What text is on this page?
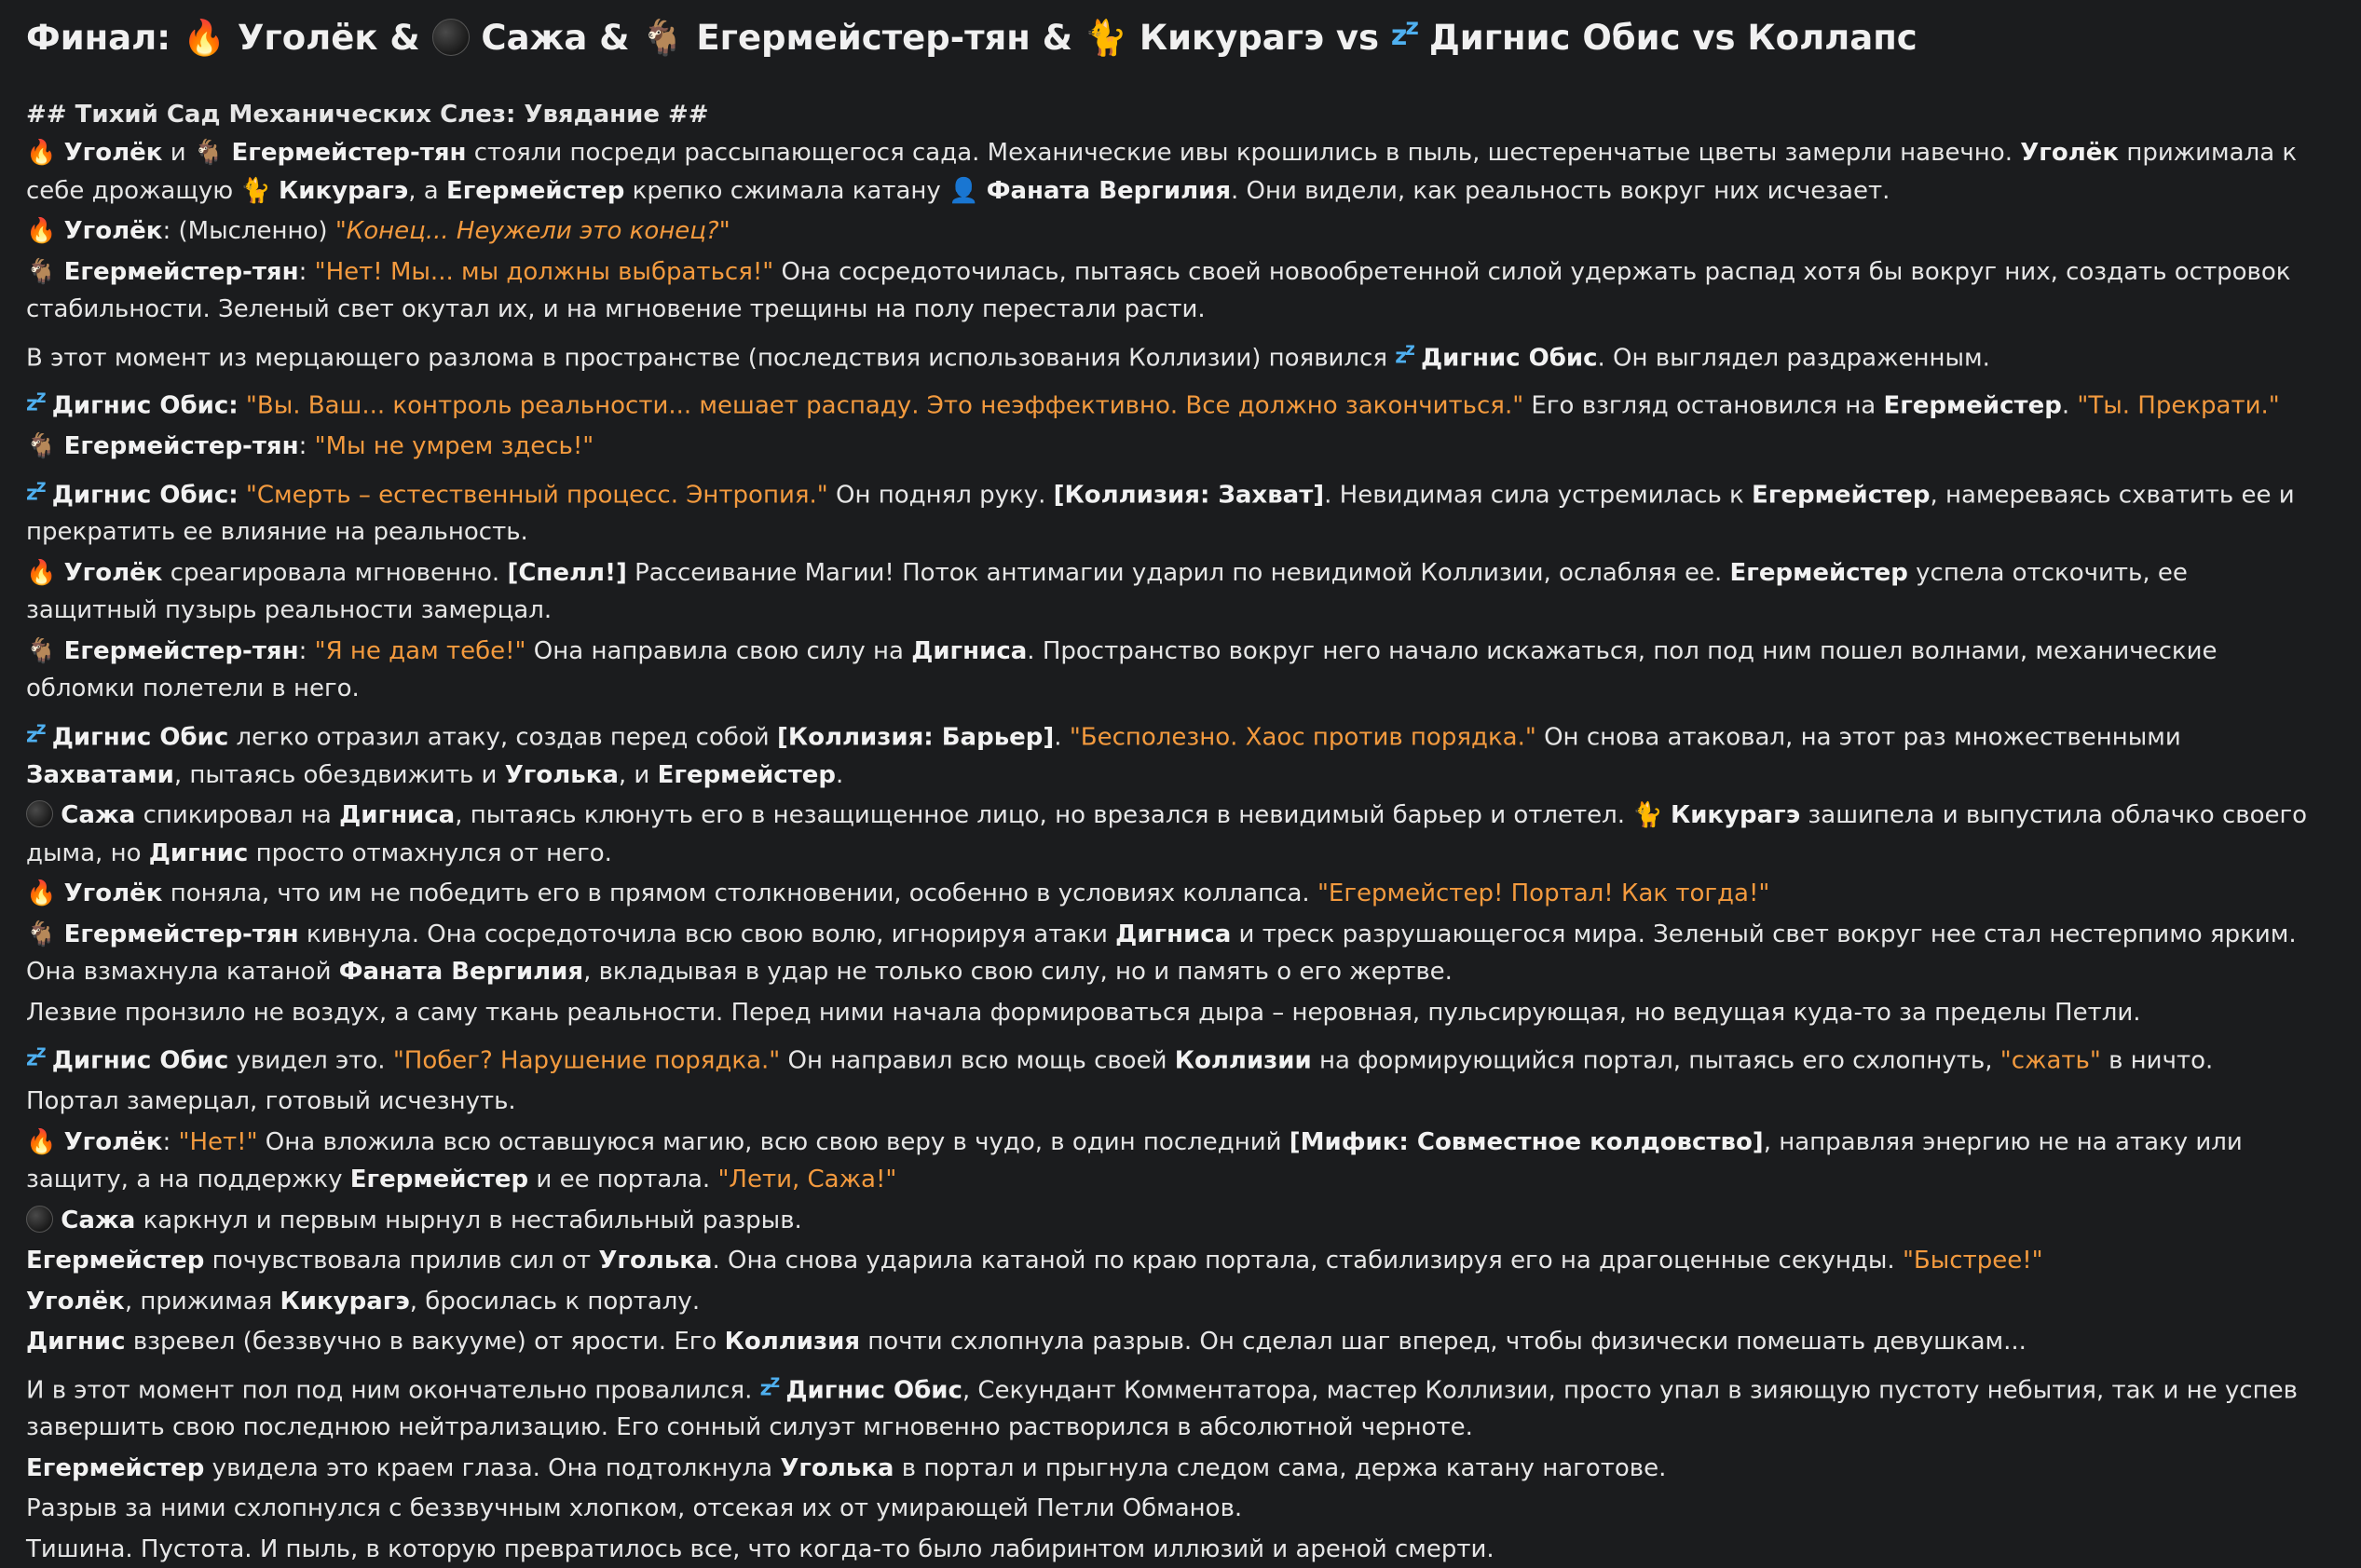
Финал: 🔥 Уголёк & Сажа & 🐐 Егермейстер-тян & 🐈 Кикурагэ vs $z^z$ Дигнис Обис vs Коллапс
## Тихий Сад Механических Слез: Увядание ##
🔥 Уголёк и 🐐 Егермейстер-тян стояли посреди рассыпающегося сада. Механические ивы крошились в пыль, шестеренчатые цветы замерли навечно. Уголёк прижимала к себе дрожащую 🐈 Кикурагэ, а Егермейстер крепко сжимала катану 👤 Фаната Вергилия. Они видели, как реальность вокруг них исчезает.
🔥 Уголёк: (Мысленно) "Конец... Неужели это конец?"
🐐 Егермейстер-тян: "Нет! Мы... мы должны выбраться!" Она сосредоточилась, пытаясь своей новообретенной силой удержать распад хотя бы вокруг них, создать островок стабильности. Зеленый свет окутал их, и на мгновение трещины на полу перестали расти.
В этот момент из мерцающего разлома в пространстве (последствия использования Коллизии) появился $z^z$ Дигнис Обис. Он выглядел раздраженным.
$z^z$ Дигнис Обис: "Вы. Ваш... контроль реальности... мешает распаду. Это неэффективно. Все должно закончиться." Его взгляд остановился на Егермейстер. "Ты. Прекрати."
🐐 Егермейстер-тян: "Мы не умрем здесь!"
$z^z$ Дигнис Обис: "Смерть – естественный процесс. Энтропия." Он поднял руку. [Коллизия: Захват]. Невидимая сила устремилась к Егермейстер, намереваясь схватить ее и прекратить ее влияние на реальность.
🔥 Уголёк среагировала мгновенно. [Спелл!] Рассеивание Магии! Поток антимагии ударил по невидимой Коллизии, ослабляя ее. Егермейстер успела отскочить, ее защитный пузырь реальности замерцал.
🐐 Егермейстер-тян: "Я не дам тебе!" Она направила свою силу на Дигниса. Пространство вокруг него начало искажаться, пол под ним пошел волнами, механические обломки полетели в него.
$z^z$ Дигнис Обис легко отразил атаку, создав перед собой [Коллизия: Барьер]. "Бесполезно. Хаос против порядка." Он снова атаковал, на этот раз множественными Захватами, пытаясь обездвижить и Уголька, и Егермейстер.
Сажа спикировал на Дигниса, пытаясь клюнуть его в незащищенное лицо, но врезался в невидимый барьер и отлетел. 🐈 Кикурагэ зашипела и выпустила облачко своего дыма, но Дигнис просто отмахнулся от него.
🔥 Уголёк поняла, что им не победить его в прямом столкновении, особенно в условиях коллапса. "Егермейстер! Портал! Как тогда!"
🐐 Егермейстер-тян кивнула. Она сосредоточила всю свою волю, игнорируя атаки Дигниса и треск разрушающегося мира. Зеленый свет вокруг нее стал нестерпимо ярким. Она взмахнула катаной Фаната Вергилия, вкладывая в удар не только свою силу, но и память о его жертве.
Лезвие пронзило не воздух, а саму ткань реальности. Перед ними начала формироваться дыра – неровная, пульсирующая, но ведущая куда-то за пределы Петли.
$z^z$ Дигнис Обис увидел это. "Побег? Нарушение порядка." Он направил всю мощь своей Коллизии на формирующийся портал, пытаясь его схлопнуть, "сжать" в ничто.
Портал замерцал, готовый исчезнуть.
🔥 Уголёк: "Нет!" Она вложила всю оставшуюся магию, всю свою веру в чудо, в один последний [Мифик: Совместное колдовство], направляя энергию не на атаку или защиту, а на поддержку Егермейстер и ее портала. "Лети, Сажа!"
Сажа каркнул и первым нырнул в нестабильный разрыв.
Егермейстер почувствовала прилив сил от Уголька. Она снова ударила катаной по краю портала, стабилизируя его на драгоценные секунды. "Быстрее!"
Уголёк, прижимая Кикурагэ, бросилась к порталу.
Дигнис взревел (беззвучно в вакууме) от ярости. Его Коллизия почти схлопнула разрыв. Он сделал шаг вперед, чтобы физически помешать девушкам...
И в этот момент пол под ним окончательно провалился. $z^z$ Дигнис Обис, Секундант Комментатора, мастер Коллизии, просто упал в зияющую пустоту небытия, так и не успев завершить свою последнюю нейтрализацию. Его сонный силуэт мгновенно растворился в абсолютной черноте.
Егермейстер увидела это краем глаза. Она подтолкнула Уголька в портал и прыгнула следом сама, держа катану наготове.
Разрыв за ними схлопнулся с беззвучным хлопком, отсекая их от умирающей Петли Обманов.
Тишина. Пустота. И пыль, в которую превратилось все, что когда-то было лабиринтом иллюзий и ареной смерти.
